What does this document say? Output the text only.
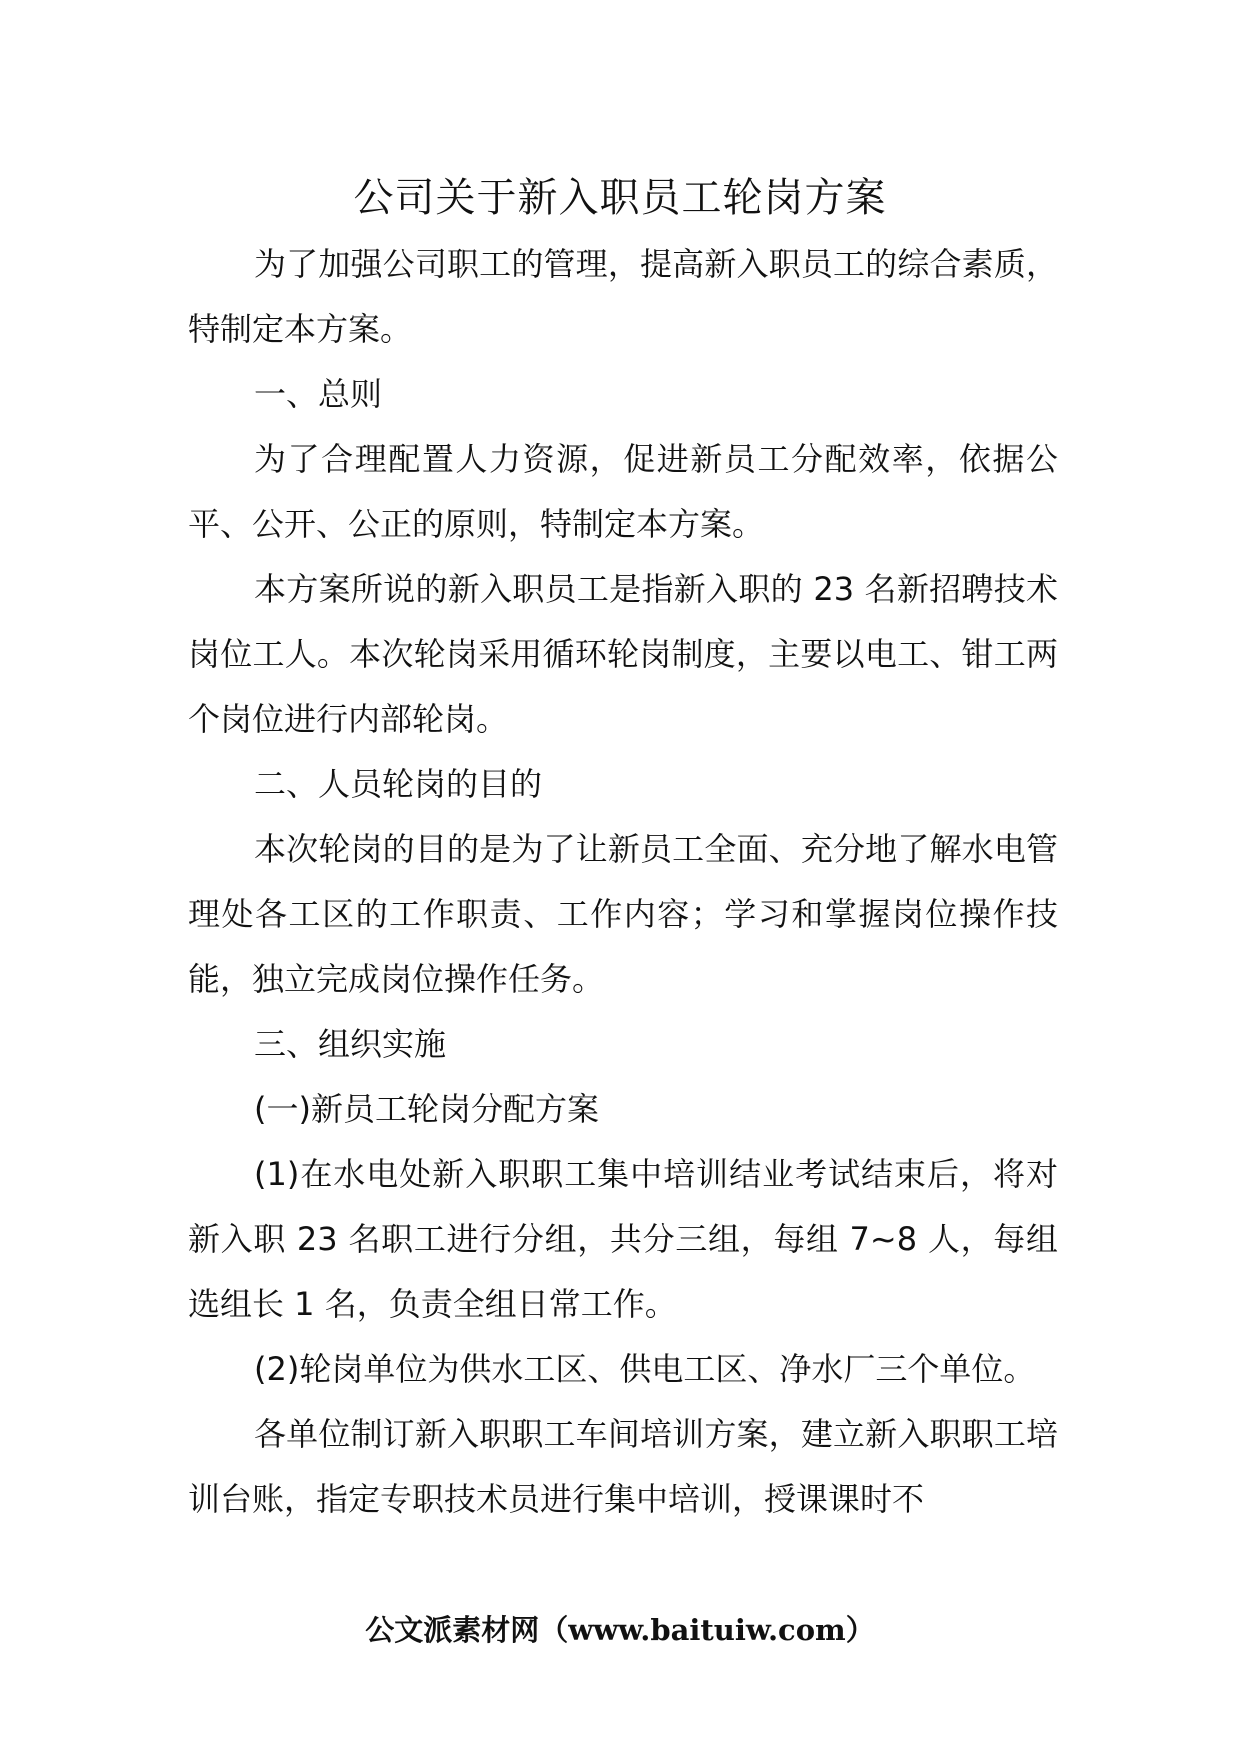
公司关于新入职员工轮岗方案

为了加强公司职工的管理，提高新入职员工的综合素质，特制定本方案。

一、总则

为了合理配置人力资源，促进新员工分配效率，依据公平、公开、公正的原则，特制定本方案。

本方案所说的新入职员工是指新入职的 23 名新招聘技术岗位工人。本次轮岗采用循环轮岗制度，主要以电工、钳工两个岗位进行内部轮岗。

二、人员轮岗的目的

本次轮岗的目的是为了让新员工全面、充分地了解水电管理处各工区的工作职责、工作内容；学习和掌握岗位操作技能，独立完成岗位操作任务。

三、组织实施

(一)新员工轮岗分配方案

(1)在水电处新入职职工集中培训结业考试结束后，将对新入职 23 名职工进行分组，共分三组，每组 7~8 人，每组选组长 1 名，负责全组日常工作。

(2)轮岗单位为供水工区、供电工区、净水厂三个单位。

各单位制订新入职职工车间培训方案，建立新入职职工培训台账，指定专职技术员进行集中培训，授课课时不

公文派素材网（www.baituiw.com）
